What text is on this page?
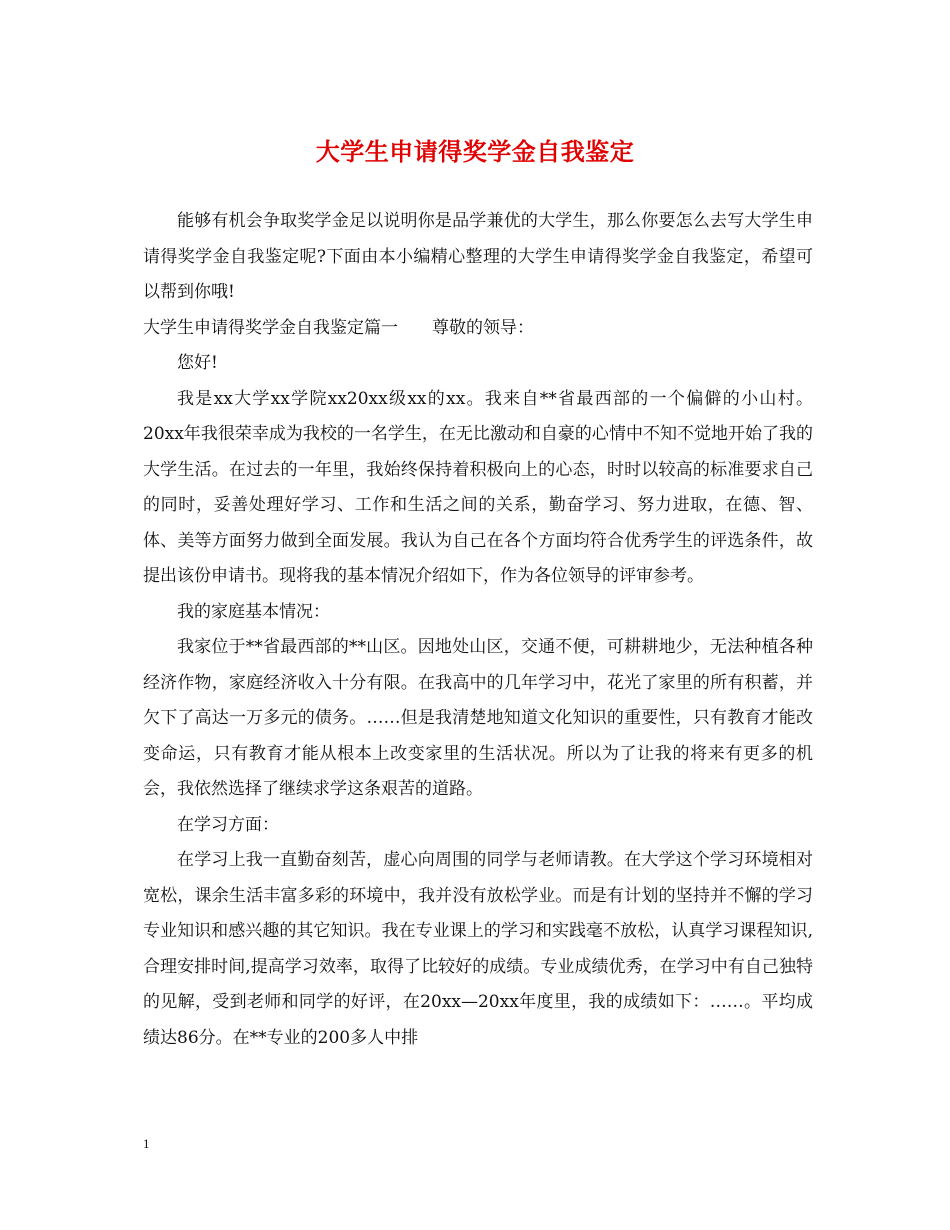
大学生申请得奖学金自我鉴定

能够有机会争取奖学金足以说明你是品学兼优的大学生，那么你要怎么去写大学生申请得奖学金自我鉴定呢?下面由本小编精心整理的大学生申请得奖学金自我鉴定，希望可以帮到你哦!

大学生申请得奖学金自我鉴定篇一 尊敬的领导：

您好!

我是xx大学xx学院xx20xx级xx的xx。我来自**省最西部的一个偏僻的小山村。20xx年我很荣幸成为我校的一名学生，在无比激动和自豪的心情中不知不觉地开始了我的大学生活。在过去的一年里，我始终保持着积极向上的心态，时时以较高的标准要求自己的同时，妥善处理好学习、工作和生活之间的关系，勤奋学习、努力进取，在德、智、体、美等方面努力做到全面发展。我认为自己在各个方面均符合优秀学生的评选条件，故提出该份申请书。现将我的基本情况介绍如下，作为各位领导的评审参考。

我的家庭基本情况：

我家位于**省最西部的**山区。因地处山区，交通不便，可耕耕地少，无法种植各种经济作物，家庭经济收入十分有限。在我高中的几年学习中，花光了家里的所有积蓄，并欠下了高达一万多元的债务。……但是我清楚地知道文化知识的重要性，只有教育才能改变命运，只有教育才能从根本上改变家里的生活状况。所以为了让我的将来有更多的机会，我依然选择了继续求学这条艰苦的道路。

在学习方面：

在学习上我一直勤奋刻苦，虚心向周围的同学与老师请教。在大学这个学习环境相对宽松，课余生活丰富多彩的环境中，我并没有放松学业。而是有计划的坚持并不懈的学习专业知识和感兴趣的其它知识。我在专业课上的学习和实践毫不放松，认真学习课程知识,合理安排时间,提高学习效率，取得了比较好的成绩。专业成绩优秀，在学习中有自己独特的见解，受到老师和同学的好评，在20xx—20xx年度里，我的成绩如下：……。平均成绩达86分。在**专业的200多人中排

1
